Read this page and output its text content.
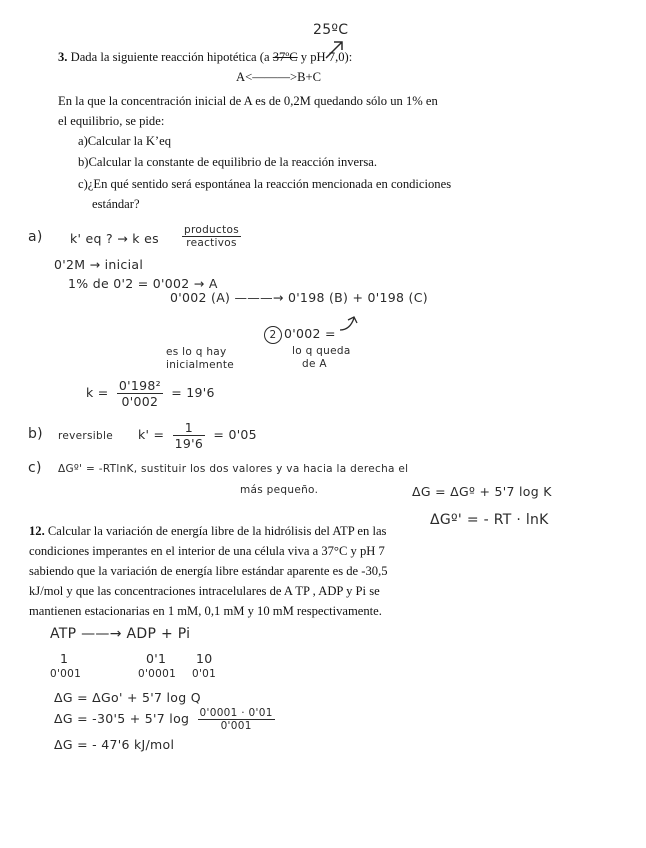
25ºC
3. Dada la siguiente reacción hipotética (a 37ºC y pH 7,0):
A<———>B+C
En la que la concentración inicial de A es de 0,2M quedando sólo un 1% en
el equilibrio, se pide:
a)Calcular la K’eq
b)Calcular la constante de equilibrio de la reacción inversa.
c)¿En qué sentido será espontánea la reacción mencionada en condiciones
estándar?
a) k' eq ? → k es $\frac{\text{productos}}{\text{reactivos}}$
0'2M → inicial
1% de 0'2 = 0'002 → A
0'002 (A) ———→ 0'198 (B) + 0'198 (C)
2 0'002 =
es lo q hay
inicialmente
lo q queda
de A
$k = \frac{\text{0'198²}}{0'002} = 19'6$
b) reversible $k' = \frac{1}{19'6} = 0'05$
c) ΔGº' = -RTlnK, sustituir los dos valores y va hacia la derecha el
más pequeño.	ΔG = ΔGº + 5'7 log K
ΔGº' = - RT · lnK
12. Calcular la variación de energía libre de la hidrólisis del ATP en las
condiciones imperantes en el interior de una célula viva a 37°C y pH 7
sabiendo que la variación de energía libre estándar aparente es de -30,5
kJ/mol y que las concentraciones intracelulares de A TP , ADP y Pi se
mantienen estacionarias en 1 mM, 0,1 mM y 10 mM respectivamente.
ATP ——→ ADP + Pi
1	0'1 10
0'001	0'0001 0'01
ΔG = ΔGo' + 5'7 log Q
ΔG = -30'5 + 5'7 $\log \frac{0'0001 \cdot 0'01}{0'001}$
ΔG = - 47'6 kJ/mol
